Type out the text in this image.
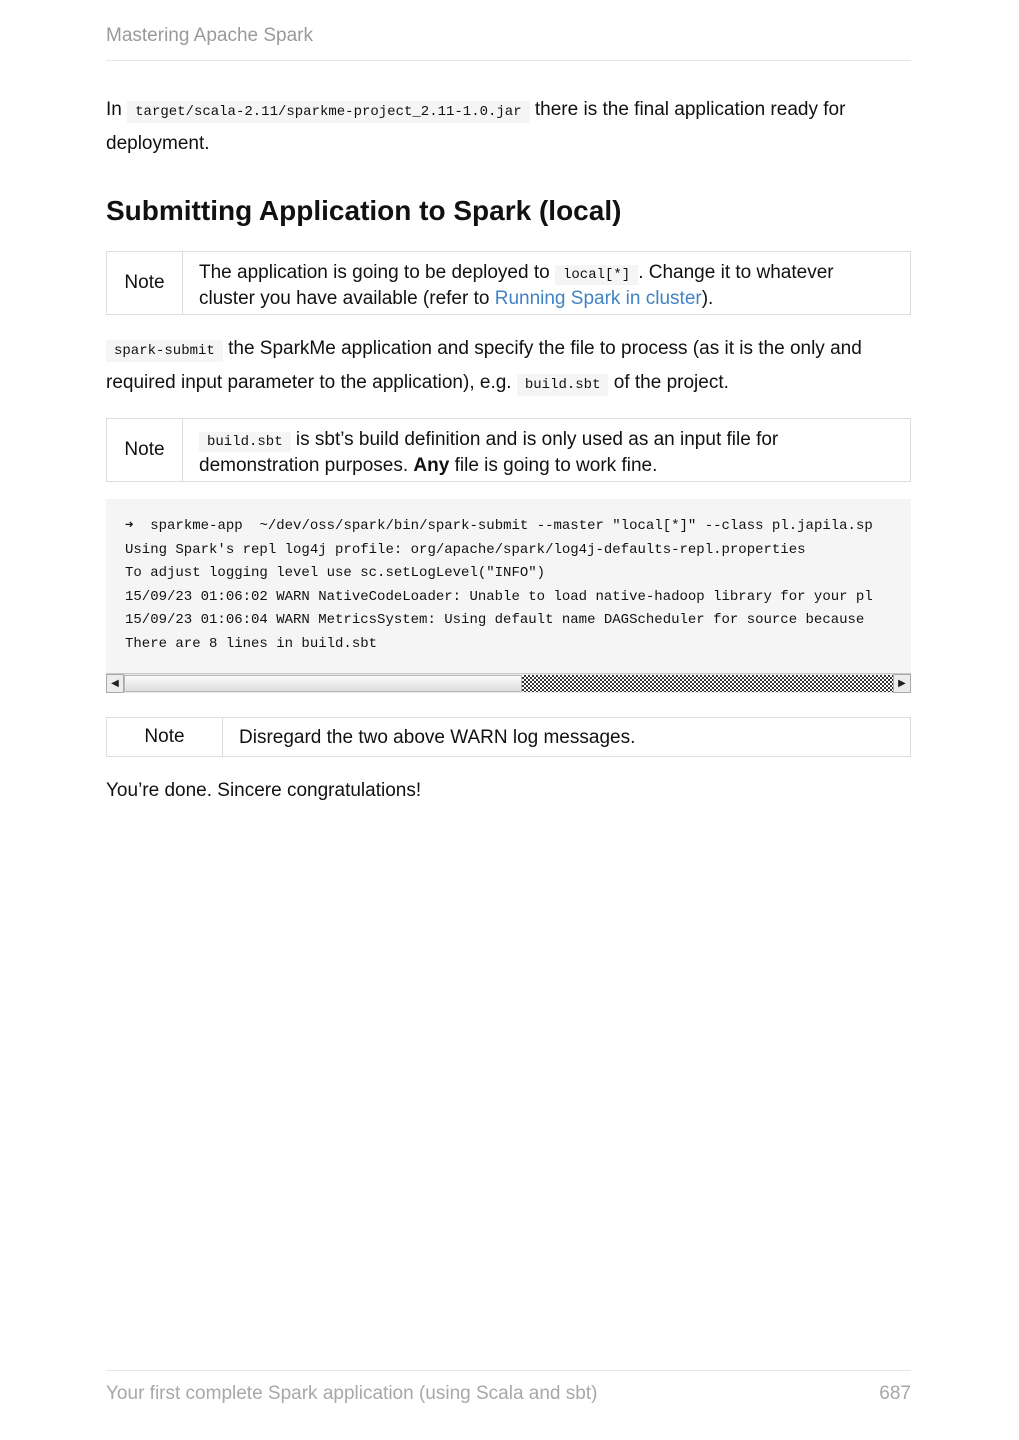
Mastering Apache Spark

In target/scala-2.11/sparkme-project_2.11-1.0.jar there is the final application ready for deployment.

Submitting Application to Spark (local)
Note	The application is going to be deployed to local[*] . Change it to whatever cluster you have available (refer to Running Spark in cluster).

spark-submit the SparkMe application and specify the file to process (as it is the only and required input parameter to the application), e.g. build.sbt of the project.

Note	build.sbt is sbt’s build definition and is only used as an input file for demonstration purposes. Any file is going to work fine.
➜  sparkme-app  ~/dev/oss/spark/bin/spark-submit --master "local[*]" --class pl.japila.sp
Using Spark's repl log4j profile: org/apache/spark/log4j-defaults-repl.properties
To adjust logging level use sc.setLogLevel("INFO")
15/09/23 01:06:02 WARN NativeCodeLoader: Unable to load native-hadoop library for your pl
15/09/23 01:06:04 WARN MetricsSystem: Using default name DAGScheduler for source because
There are 8 lines in build.sbt
◀	▶
Note	Disregard the two above WARN log messages.

You’re done. Sincere congratulations!

Your first complete Spark application (using Scala and sbt)	687
